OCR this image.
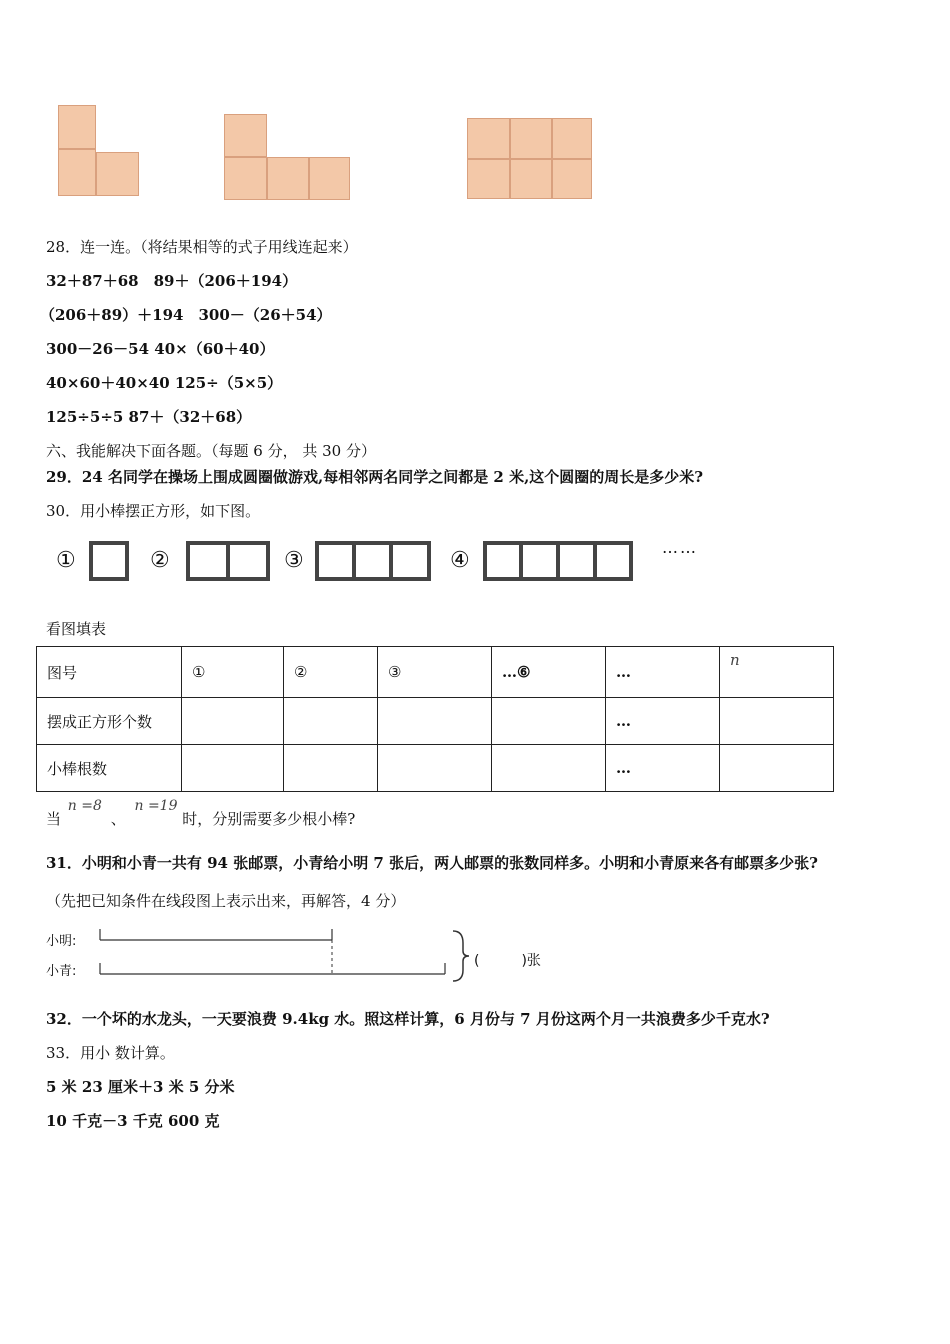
28．连一连。（将结果相等的式子用线连起来）
32＋87＋68　89＋（206＋194）
（206＋89）＋194　300－（26＋54）
300－26－54 40×（60＋40）
40×60＋40×40 125÷（5×5）
125÷5÷5 87＋（32＋68）
六、我能解决下面各题。（每题 6 分， 共 30 分）
29．24 名同学在操场上围成圆圈做游戏,每相邻两名同学之间都是 2 米,这个圆圈的周长是多少米?
30．用小棒摆正方形，如下图。
①	②	③	④
……
看图填表
图号	①	②	③	…⑥	…	n
摆成正方形个数					…	
小棒根数					…	
当 n =8 、 n =19 时，分别需要多少根小棒?
31．小明和小青一共有 94 张邮票，小青给小明 7 张后，两人邮票的张数同样多。小明和小青原来各有邮票多少张?
（先把已知条件在线段图上表示出来，再解答，4 分）
小明:
小青:
(　　　)张
32．一个坏的水龙头，一天要浪费 9.4kg 水。照这样计算，6 月份与 7 月份这两个月一共浪费多少千克水?
33．用小 数计算。
5 米 23 厘米＋3 米 5 分米
10 千克－3 千克 600 克
